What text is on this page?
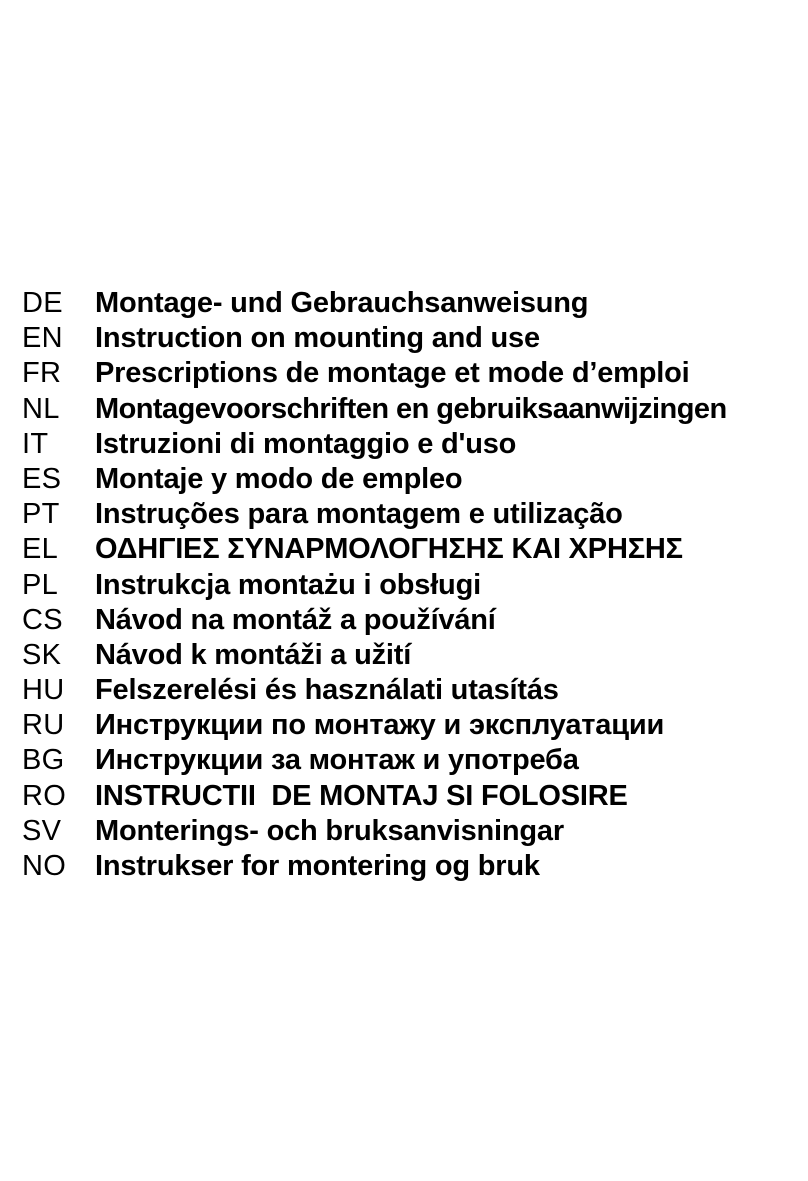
DE	Montage- und Gebrauchsanweisung
EN	Instruction on mounting and use
FR	Prescriptions de montage et mode d’emploi
NL	Montagevoorschriften en gebruiksaanwijzingen
IT	Istruzioni di montaggio e d'uso
ES	Montaje y modo de empleo
PT	Instruções para montagem e utilização
EL	ΟΔΗΓΙΕΣ ΣΥΝΑΡΜΟΛΟΓΗΣΗΣ ΚΑΙ ΧΡΗΣΗΣ
PL	Instrukcja montażu i obsługi
CS	Návod na montáž a používání
SK	Návod k montáži a užití
HU	Felszerelési és használati utasítás
RU	Инструкции по монтажу и эксплуатации
BG	Инструкции за монтаж и употреба
RO INSTRUCTII  DE MONTAJ SI FOLOSIRE
SV	Monterings- och bruksanvisningar
NO Instrukser for montering og bruk
